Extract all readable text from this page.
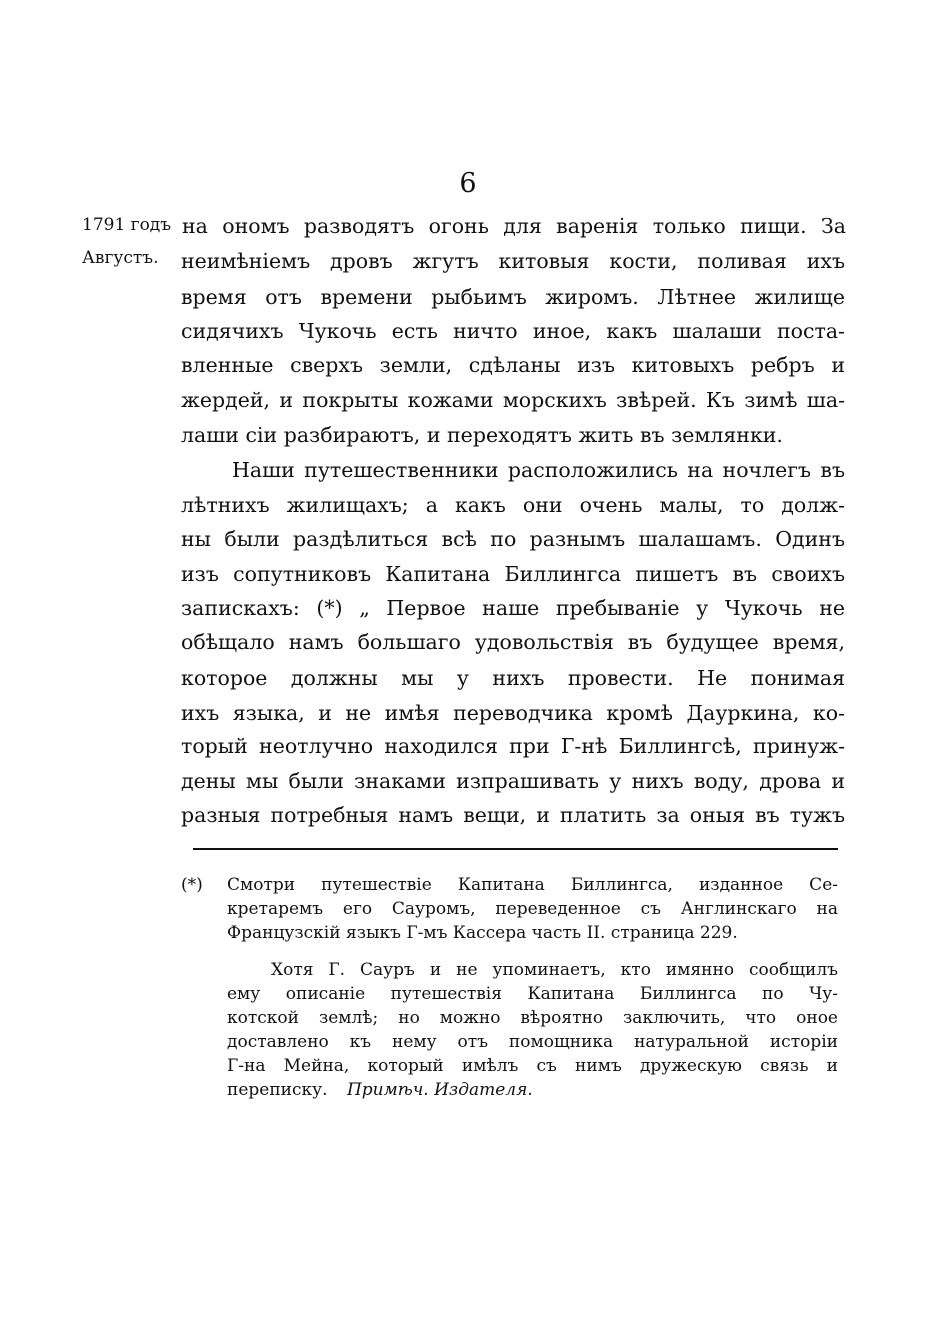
6
1791 годъ
Августъ.
на ономъ разводятъ огонь для варенія только пищи. За
неимѣніемъ дровъ жгутъ китовыя кости, поливая ихъ
время отъ времени рыбьимъ жиромъ. Лѣтнее жилище
сидячихъ Чукочь есть ничто иное, какъ шалаши поста-
вленные сверхъ земли, сдѣланы изъ китовыхъ ребръ и
жердей, и покрыты кожами морскихъ звѣрей. Къ зимѣ ша-
лаши сіи разбираютъ, и переходятъ жить въ землянки.
Наши путешественники расположились на ночлегъ въ
лѣтнихъ жилищахъ; а какъ они очень малы, то долж-
ны были раздѣлиться всѣ по разнымъ шалашамъ. Одинъ
изъ сопутниковъ Капитана Биллингса пишетъ въ своихъ
запискахъ: (*) „ Первое наше пребываніе у Чукочь не
обѣщало намъ большаго удовольствія въ будущее время,
которое должны мы у нихъ провести. Не понимая
ихъ языка, и не имѣя переводчика кромѣ Дауркина, ко-
торый неотлучно находился при Г-нѣ Биллингсѣ, принуж-
дены мы были знаками изпрашивать у нихъ воду, дрова и
разныя потребныя намъ вещи, и платить за оныя въ тужъ
(*) Смотри путешествіе Капитана Биллингса, изданное Се-
кретаремъ его Сауромъ, переведенное съ Англинскаго на
Французскій языкъ Г-мъ Кассера часть II. страница 229.
Хотя Г. Сауръ и не упоминаетъ, кто имянно сообщилъ
ему описаніе путешествія Капитана Биллингса по Чу-
котской землѣ; но можно вѣроятно заключить, что оное
доставлено къ нему отъ помощника натуральной исторіи
Г-на Мейна, который имѣлъ съ нимъ дружескую связь и
переписку. Примѣч. Издателя.
